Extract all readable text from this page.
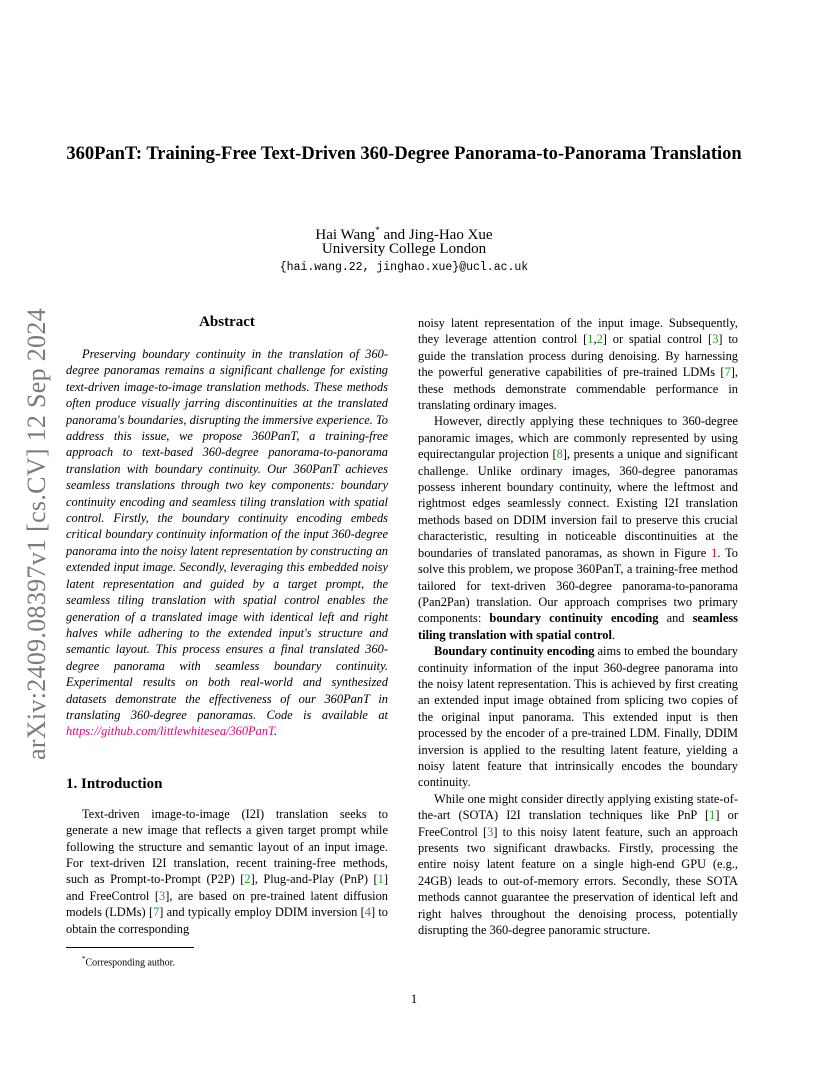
arXiv:2409.08397v1 [cs.CV] 12 Sep 2024
360PanT: Training-Free Text-Driven 360-Degree Panorama-to-Panorama Translation
Hai Wang* and Jing-Hao Xue
University College London
{hai.wang.22, jinghao.xue}@ucl.ac.uk
Abstract

Preserving boundary continuity in the translation of 360-degree panoramas remains a significant challenge for existing text-driven image-to-image translation methods. These methods often produce visually jarring discontinuities at the translated panorama's boundaries, disrupting the immersive experience. To address this issue, we propose 360PanT, a training-free approach to text-based 360-degree panorama-to-panorama translation with boundary continuity. Our 360PanT achieves seamless translations through two key components: boundary continuity encoding and seamless tiling translation with spatial control. Firstly, the boundary continuity encoding embeds critical boundary continuity information of the input 360-degree panorama into the noisy latent representation by constructing an extended input image. Secondly, leveraging this embedded noisy latent representation and guided by a target prompt, the seamless tiling translation with spatial control enables the generation of a translated image with identical left and right halves while adhering to the extended input's structure and semantic layout. This process ensures a final translated 360-degree panorama with seamless boundary continuity. Experimental results on both real-world and synthesized datasets demonstrate the effectiveness of our 360PanT in translating 360-degree panoramas. Code is available at https://github.com/littlewhitesea/360PanT.

1. Introduction

Text-driven image-to-image (I2I) translation seeks to generate a new image that reflects a given target prompt while following the structure and semantic layout of an input image. For text-driven I2I translation, recent training-free methods, such as Prompt-to-Prompt (P2P) [2], Plug-and-Play (PnP) [1] and FreeControl [3], are based on pre-trained latent diffusion models (LDMs) [7] and typically employ DDIM inversion [4] to obtain the corresponding

noisy latent representation of the input image. Subsequently, they leverage attention control [1,2] or spatial control [3] to guide the translation process during denoising. By harnessing the powerful generative capabilities of pre-trained LDMs [7], these methods demonstrate commendable performance in translating ordinary images.

However, directly applying these techniques to 360-degree panoramic images, which are commonly represented by using equirectangular projection [8], presents a unique and significant challenge. Unlike ordinary images, 360-degree panoramas possess inherent boundary continuity, where the leftmost and rightmost edges seamlessly connect. Existing I2I translation methods based on DDIM inversion fail to preserve this crucial characteristic, resulting in noticeable discontinuities at the boundaries of translated panoramas, as shown in Figure 1. To solve this problem, we propose 360PanT, a training-free method tailored for text-driven 360-degree panorama-to-panorama (Pan2Pan) translation. Our approach comprises two primary components: boundary continuity encoding and seamless tiling translation with spatial control.

Boundary continuity encoding aims to embed the boundary continuity information of the input 360-degree panorama into the noisy latent representation. This is achieved by first creating an extended input image obtained from splicing two copies of the original input panorama. This extended input is then processed by the encoder of a pre-trained LDM. Finally, DDIM inversion is applied to the resulting latent feature, yielding a noisy latent feature that intrinsically encodes the boundary continuity.

While one might consider directly applying existing state-of-the-art (SOTA) I2I translation techniques like PnP [1] or FreeControl [3] to this noisy latent feature, such an approach presents two significant drawbacks. Firstly, processing the entire noisy latent feature on a single high-end GPU (e.g., 24GB) leads to out-of-memory errors. Secondly, these SOTA methods cannot guarantee the preservation of identical left and right halves throughout the denoising process, potentially disrupting the 360-degree panoramic structure.

*Corresponding author.
1
